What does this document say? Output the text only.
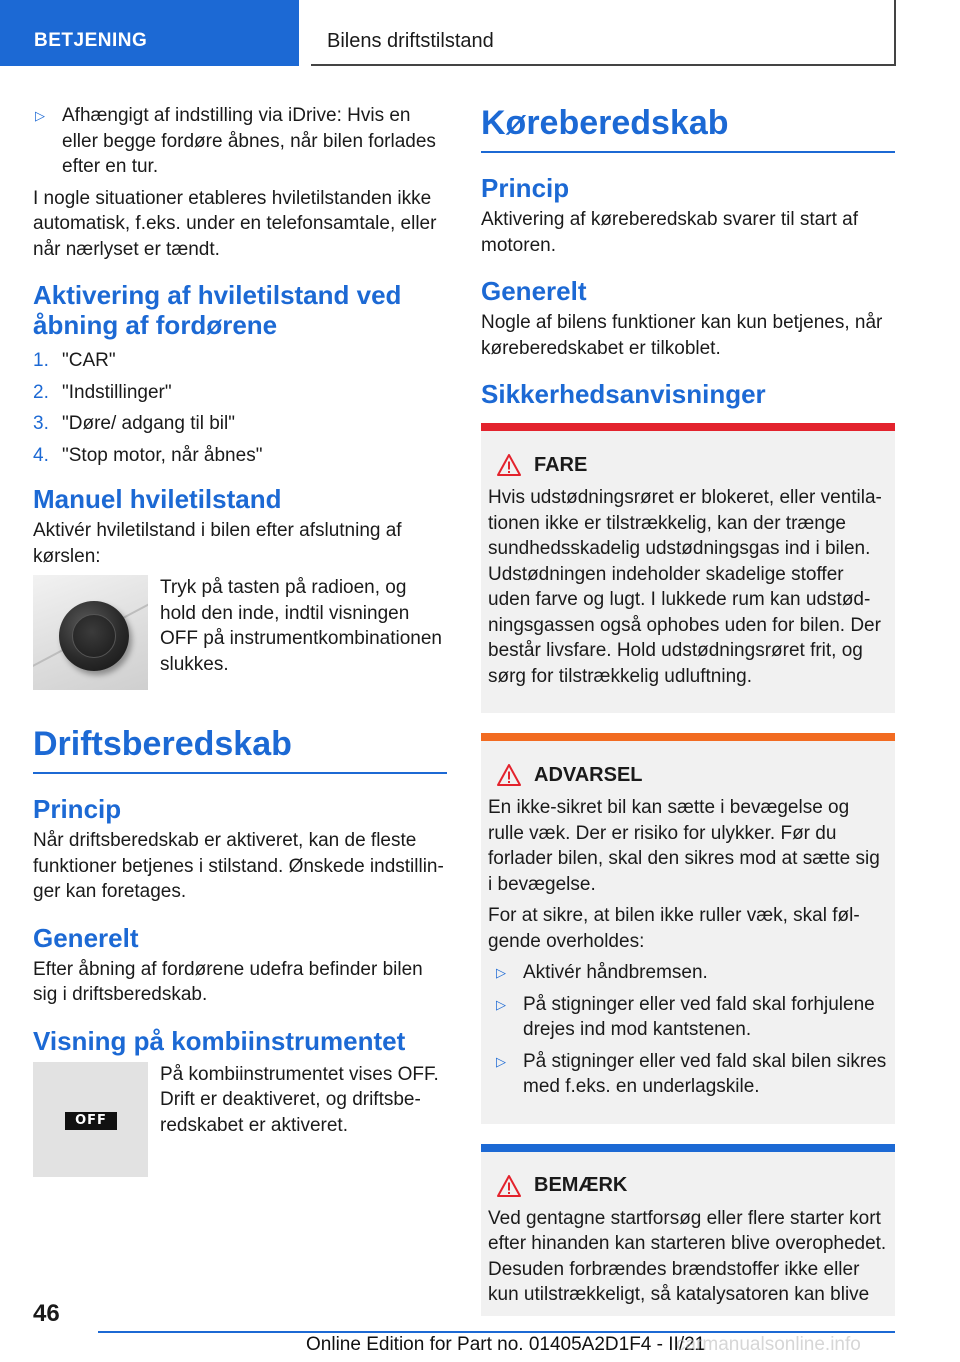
BETJENING	Bilens driftstilstand
▷ Afhængigt af indstilling via iDrive: Hvis en eller begge fordøre åbnes, når bilen forlades efter en tur.

I nogle situationer etableres hviletilstanden ikke automatisk, f.eks. under en telefonsamtale, eller når nærlyset er tændt.

Aktivering af hviletilstand ved åbning af fordørene
1. "CAR"
2. "Indstillinger"
3. "Døre/ adgang til bil"
4. "Stop motor, når åbnes"
Manuel hviletilstand

Aktivér hviletilstand i bilen efter afslutning af kørslen:

Tryk på tasten på radioen, og hold den inde, indtil visningen OFF på instrumentkombinationen slukkes.
Driftsberedskab
Princip

Når driftsberedskab er aktiveret, kan de fleste funktioner betjenes i stilstand. Ønskede indstillinger kan foretages.

Generelt

Efter åbning af fordørene udefra befinder bilen sig i driftsberedskab.

Visning på kombiinstrumentet
OFF
På kombiinstrumentet vises OFF. Drift er deaktiveret, og driftsberedskabet er aktiveret.
Køreberedskab
Princip

Aktivering af køreberedskab svarer til start af motoren.

Generelt

Nogle af bilens funktioner kan kun betjenes, når køreberedskabet er tilkoblet.

Sikkerhedsanvisninger
FARE

Hvis udstødningsrøret er blokeret, eller ventilationen ikke er tilstrækkelig, kan der trænge sundhedsskadelig udstødningsgas ind i bilen. Udstødningen indeholder skadelige stoffer uden farve og lugt. I lukkede rum kan udstødningsgassen også ophobes uden for bilen. Der består livsfare. Hold udstødningsrøret frit, og sørg for tilstrækkelig udluftning.

ADVARSEL

En ikke-sikret bil kan sætte i bevægelse og rulle væk. Der er risiko for ulykker. Før du forlader bilen, skal den sikres mod at sætte sig i bevægelse.

For at sikre, at bilen ikke ruller væk, skal følgende overholdes:

▷ Aktivér håndbremsen.
▷ På stigninger eller ved fald skal forhjulene drejes ind mod kantstenen.
▷ På stigninger eller ved fald skal bilen sikres med f.eks. en underlagskile.
BEMÆRK

Ved gentagne startforsøg eller flere starter kort efter hinanden kan starteren blive overophedet. Desuden forbrændes brændstoffer ikke eller kun utilstrækkeligt, så katalysatoren kan blive

46
Online Edition for Part no. 01405A2D1F4 - II/21
carmanualsonline.info
